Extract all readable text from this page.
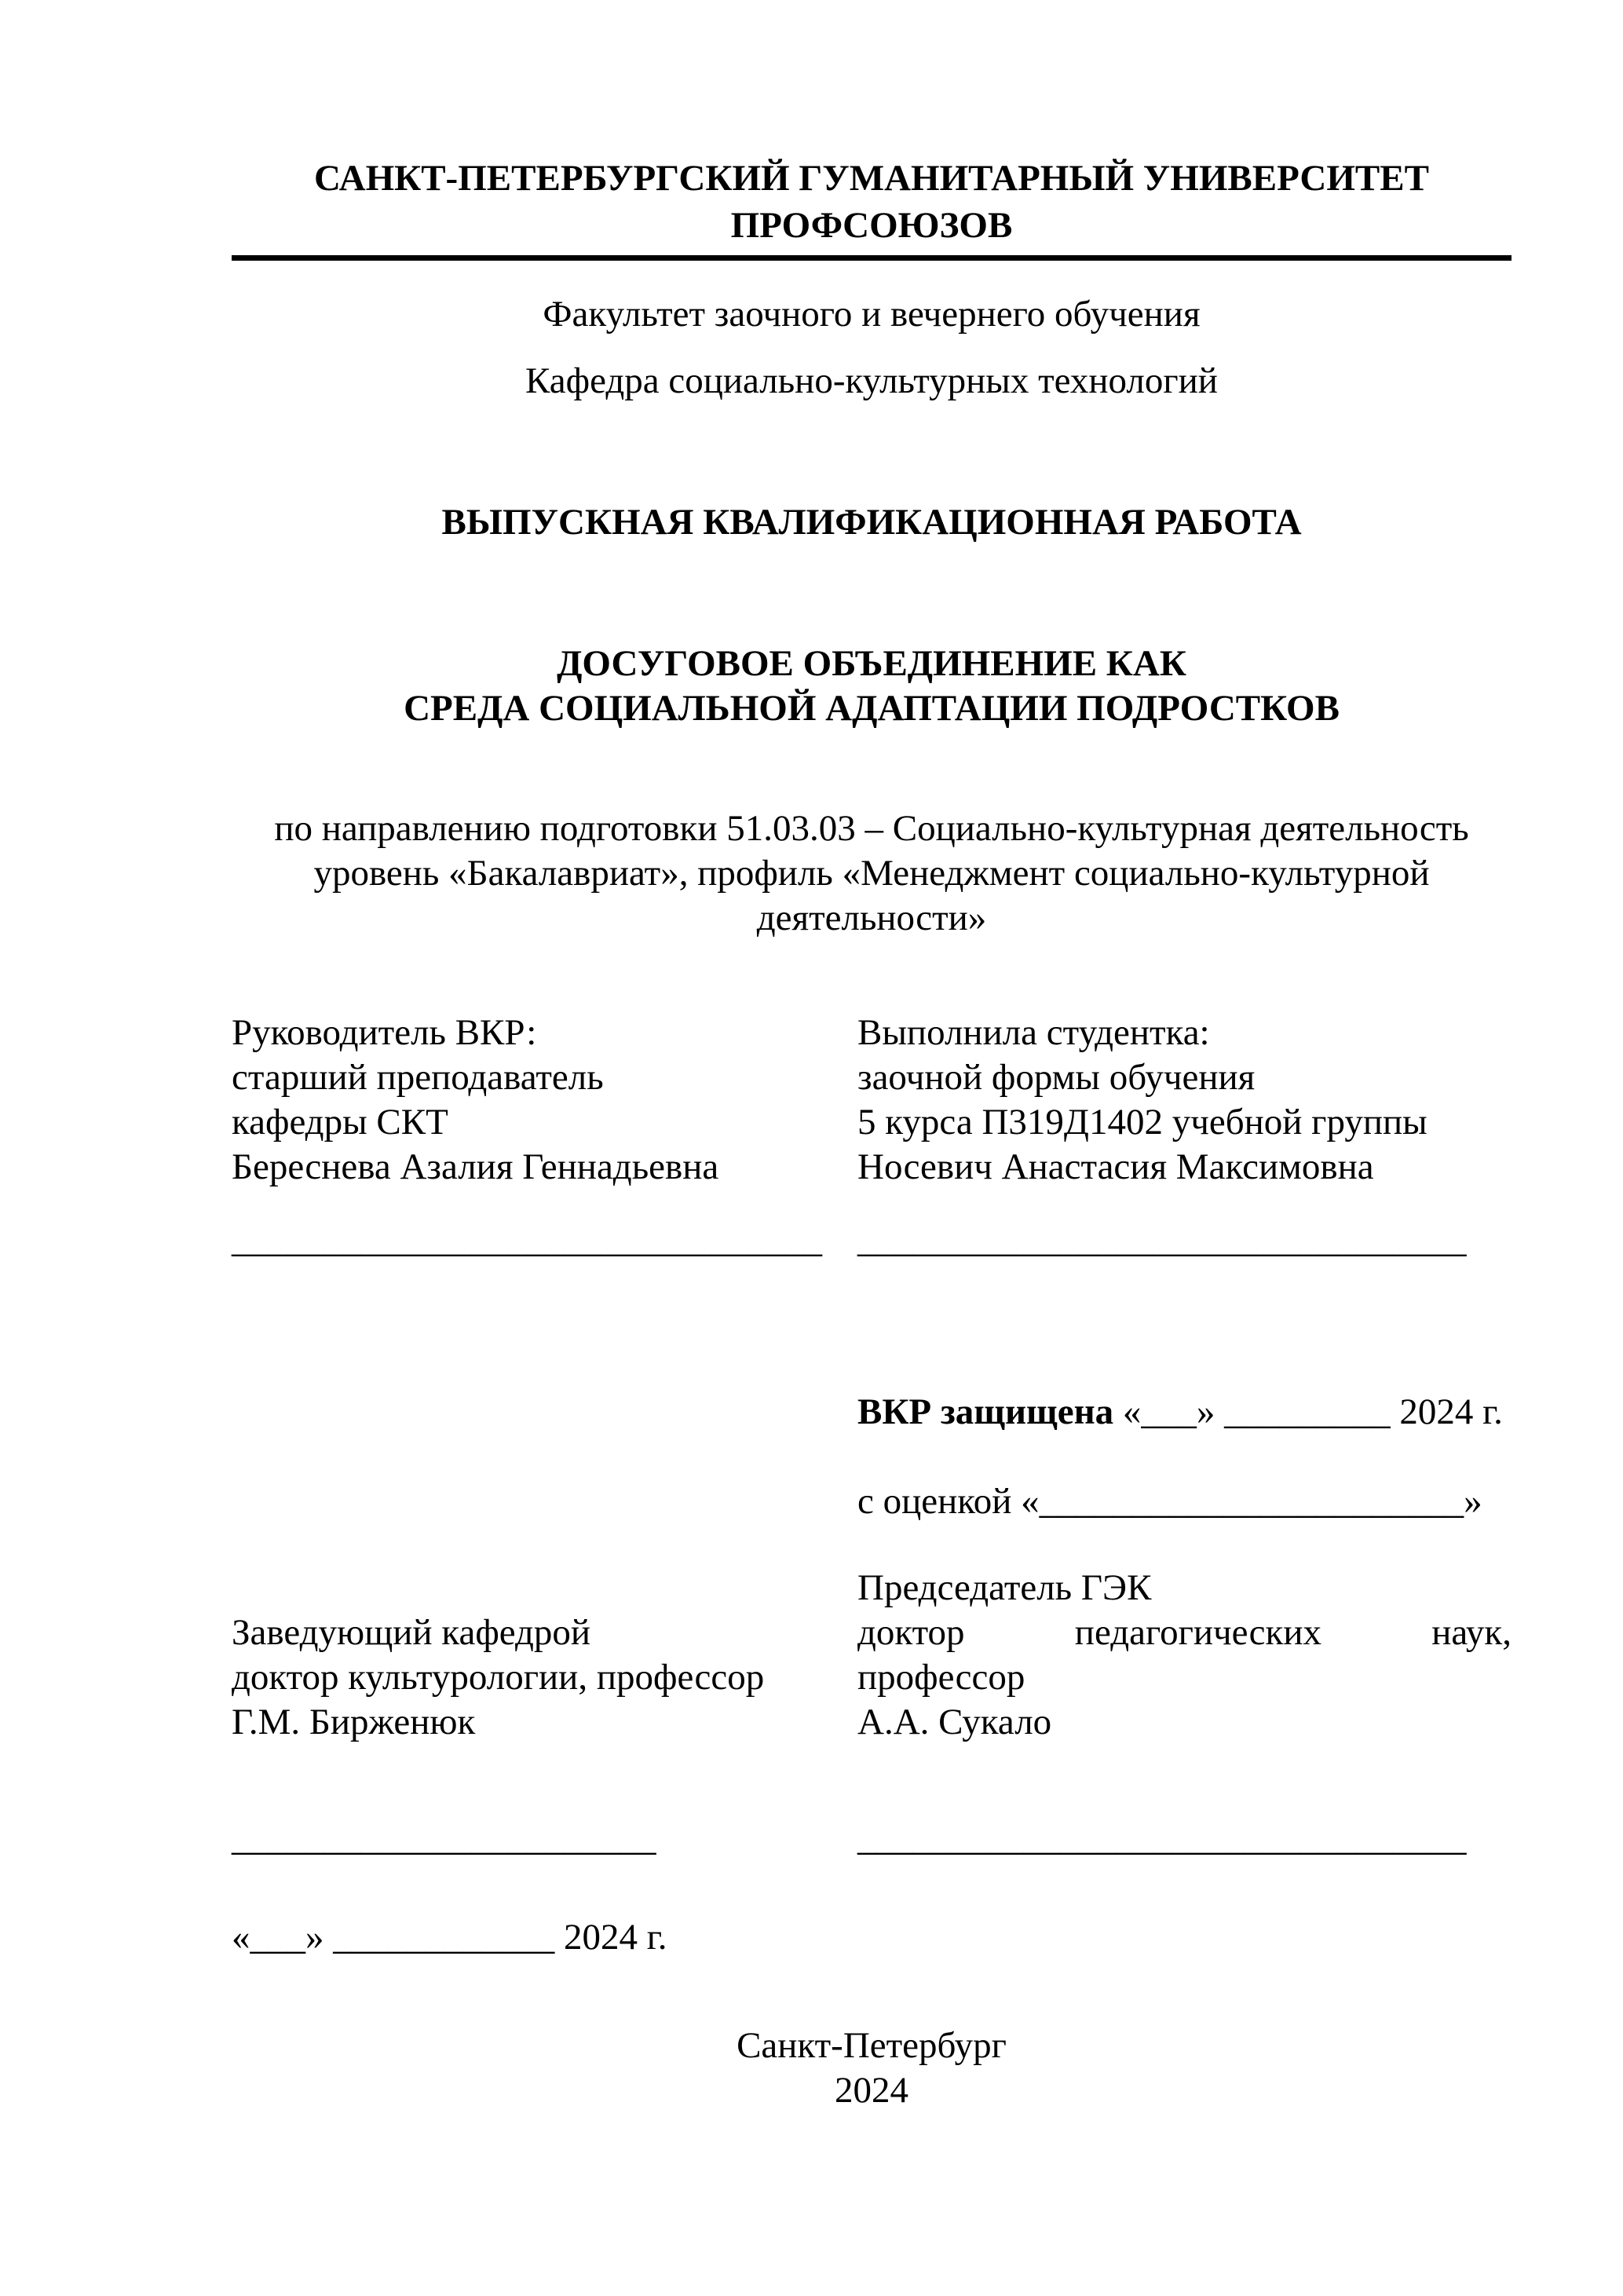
САНКТ-ПЕТЕРБУРГСКИЙ ГУМАНИТАРНЫЙ УНИВЕРСИТЕТ
ПРОФСОЮЗОВ
Факультет заочного и вечернего обучения
Кафедра социально-культурных технологий
ВЫПУСКНАЯ КВАЛИФИКАЦИОННАЯ РАБОТА
ДОСУГОВОЕ ОБЪЕДИНЕНИЕ КАК
СРЕДА СОЦИАЛЬНОЙ АДАПТАЦИИ ПОДРОСТКОВ
по направлению подготовки 51.03.03 – Социально-культурная деятельность
уровень «Бакалавриат», профиль «Менеджмент социально-культурной
деятельности»
Руководитель ВКР:
старший преподаватель
кафедры СКТ
Береснева Азалия Геннадьевна
Выполнила студентка:
заочной формы обучения
5 курса П319Д1402 учебной группы
Носевич Анастасия Максимовна
________________________________ _________________________________
ВКР защищена «___» _________ 2024 г.
с оценкой «_______________________»
Заведующий кафедрой
доктор культурологии, профессор
Г.М. Бирженюк
Председатель ГЭК
доктор	педагогических	наук,
профессор
А.А. Сукало
_______________________	_________________________________
«___» ____________ 2024 г.
Санкт-Петербург
2024
